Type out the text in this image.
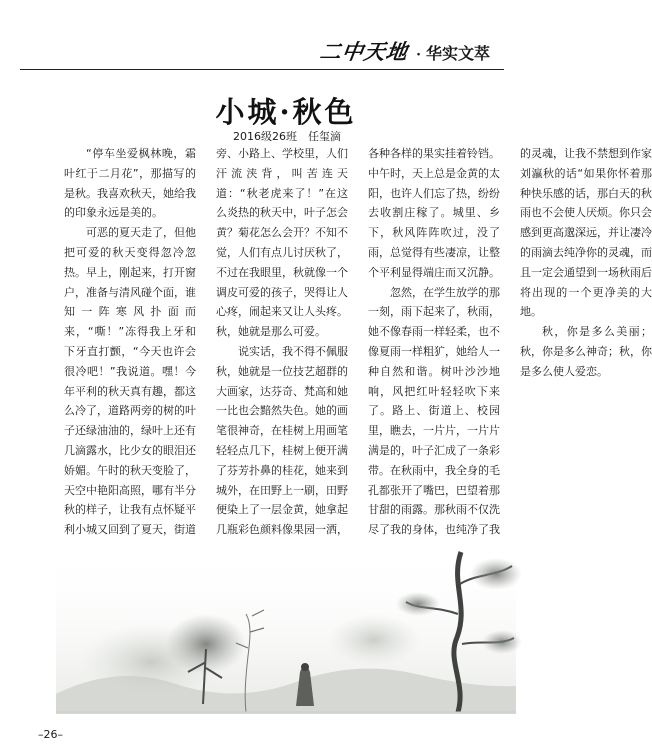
二中天地 · 华实文萃
小城·秋色
2016级26班　任玺滴

“停车坐爱枫林晚，霜叶红于二月花”，那描写的是秋。我喜欢秋天，她给我的印象永远是美的。

可恶的夏天走了，但他把可爱的秋天变得忽冷忽热。早上，刚起来，打开窗户，准备与清风碰个面，谁知一阵寒风扑面而来，“嘶！”冻得我上牙和下牙直打颤，“今天也许会很冷吧！”我说道。嘿！今年平利的秋天真有趣，都这么冷了，道路两旁的树的叶子还绿油油的，绿叶上还有几滴露水，比少女的眼泪还娇媚。午时的秋天变脸了，天空中艳阳高照，哪有半分秋的样子，让我有点怀疑平利小城又回到了夏天，街道旁、小路上、学校里，人们汗流浃背，叫苦连天道：“秋老虎来了！”在这么炎热的秋天中，叶子怎会黄？菊花怎么会开？不知不觉，人们有点儿讨厌秋了，不过在我眼里，秋就像一个调皮可爱的孩子，哭得让人心疼，闹起来又让人头疼。秋，她就是那么可爱。

说实话，我不得不佩服秋，她就是一位技艺超群的大画家，达芬奇、梵高和她一比也会黯然失色。她的画笔很神奇，在桂树上用画笔轻轻点几下，桂树上便开满了芬芳扑鼻的桂花，她来到城外，在田野上一刷，田野便染上了一层金黄，她拿起几瓶彩色颜料像果园一洒，各种各样的果实挂着铃铛。中午时，天上总是金黄的太阳，也许人们忘了热，纷纷去收割庄稼了。城里、乡下，秋风阵阵吹过，没了雨，总觉得有些凄凉，让整个平利显得端庄而又沉静。

忽然，在学生放学的那一刻，雨下起来了，秋雨，她不像春雨一样轻柔，也不像夏雨一样粗犷，她给人一种自然和谐。树叶沙沙地响，风把红叶轻轻吹下来了。路上、街道上、校园里，瞧去，一片片，一片片满是的，叶子汇成了一条彩带。在秋雨中，我全身的毛孔都张开了嘴巴，巴望着那甘甜的雨露。那秋雨不仅洗尽了我的身体，也纯净了我的灵魂，让我不禁想到作家刘瀛秋的话“如果你怀着那种快乐感的话，那白天的秋雨也不会使人厌烦。你只会感到更高邈深远，并让凄冷的雨滴去纯净你的灵魂，而且一定会通望到一场秋雨后将出现的一个更净美的大地。

秋，你是多么美丽；秋，你是多么神奇；秋，你是多么使人爱恋。

–26–
